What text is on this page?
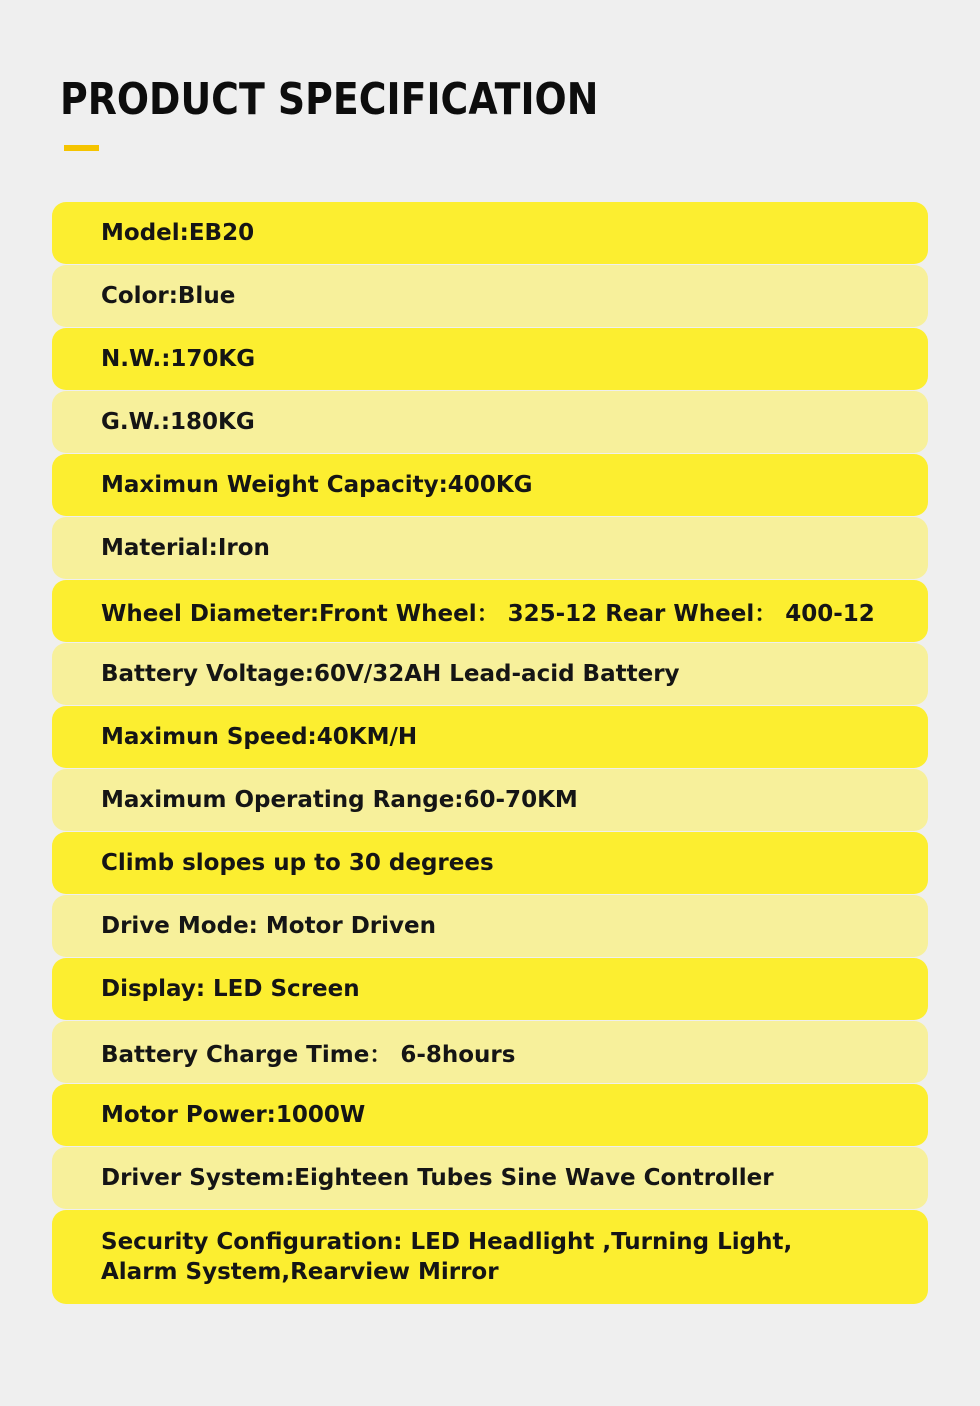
PRODUCT SPECIFICATION
Model:EB20
Color:Blue
N.W.:170KG
G.W.:180KG
Maximun Weight Capacity:400KG
Material:Iron
Wheel Diameter:Front Wheel： 325-12 Rear Wheel： 400-12
Battery Voltage:60V/32AH Lead-acid Battery
Maximun Speed:40KM/H
Maximum Operating Range:60-70KM
Climb slopes up to 30 degrees
Drive Mode: Motor Driven
Display: LED Screen
Battery Charge Time： 6-8hours
Motor Power:1000W
Driver System:Eighteen Tubes Sine Wave Controller
Security Configuration: LED Headlight ,Turning Light,
Alarm System,Rearview Mirror
